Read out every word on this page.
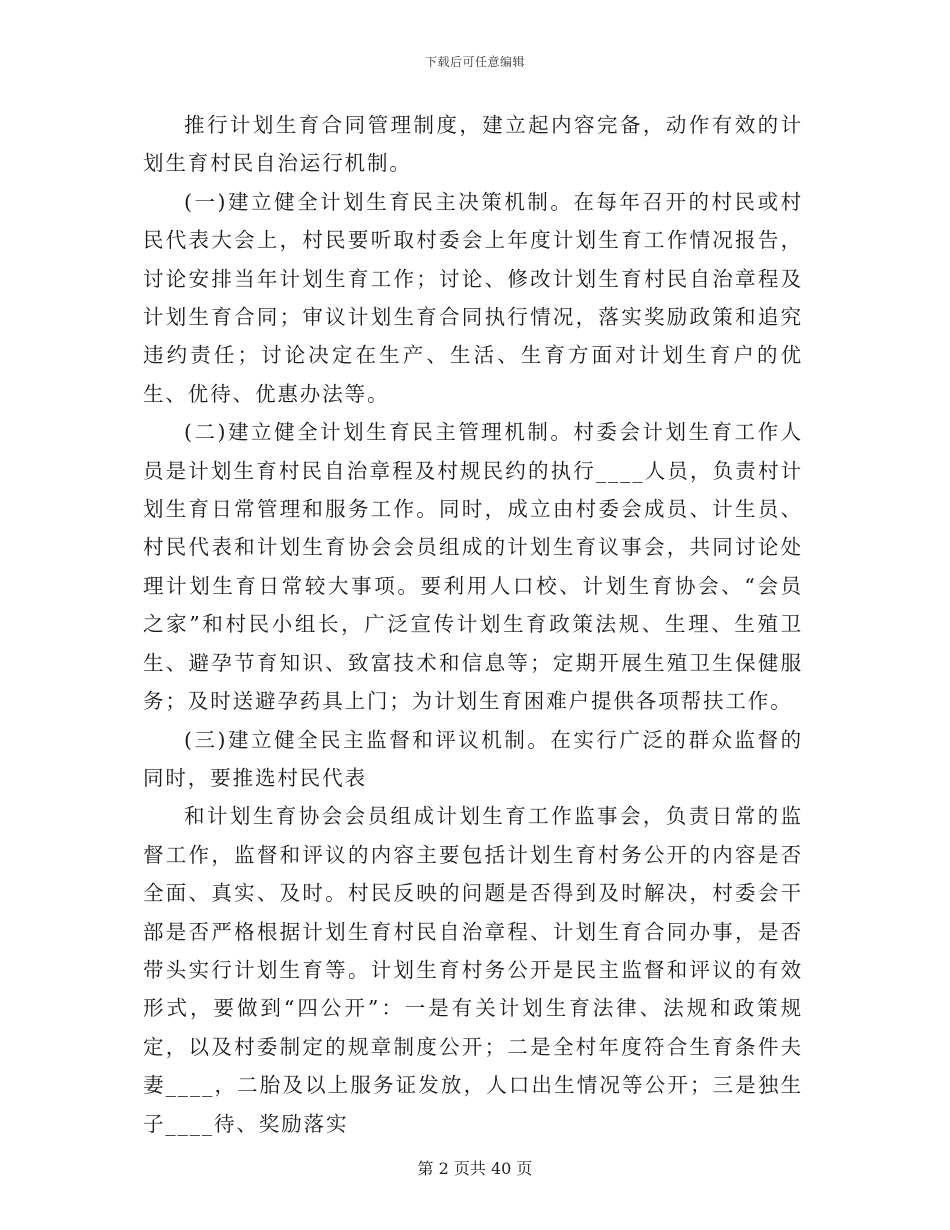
下载后可任意编辑

推行计划生育合同管理制度，建立起内容完备，动作有效的计划生育村民自治运行机制。

(一)建立健全计划生育民主决策机制。在每年召开的村民或村民代表大会上，村民要听取村委会上年度计划生育工作情况报告，讨论安排当年计划生育工作；讨论、修改计划生育村民自治章程及计划生育合同；审议计划生育合同执行情况，落实奖励政策和追究违约责任；讨论决定在生产、生活、生育方面对计划生育户的优生、优待、优惠办法等。

(二)建立健全计划生育民主管理机制。村委会计划生育工作人员是计划生育村民自治章程及村规民约的执行____人员，负责村计划生育日常管理和服务工作。同时，成立由村委会成员、计生员、村民代表和计划生育协会会员组成的计划生育议事会，共同讨论处理计划生育日常较大事项。要利用人口校、计划生育协会、“会员之家”和村民小组长，广泛宣传计划生育政策法规、生理、生殖卫生、避孕节育知识、致富技术和信息等；定期开展生殖卫生保健服务；及时送避孕药具上门；为计划生育困难户提供各项帮扶工作。

(三)建立健全民主监督和评议机制。在实行广泛的群众监督的同时，要推选村民代表

和计划生育协会会员组成计划生育工作监事会，负责日常的监督工作，监督和评议的内容主要包括计划生育村务公开的内容是否全面、真实、及时。村民反映的问题是否得到及时解决，村委会干部是否严格根据计划生育村民自治章程、计划生育合同办事，是否带头实行计划生育等。计划生育村务公开是民主监督和评议的有效形式，要做到“四公开”：一是有关计划生育法律、法规和政策规定，以及村委制定的规章制度公开；二是全村年度符合生育条件夫妻____，二胎及以上服务证发放，人口出生情况等公开；三是独生子____待、奖励落实

第 2 页共 40 页
